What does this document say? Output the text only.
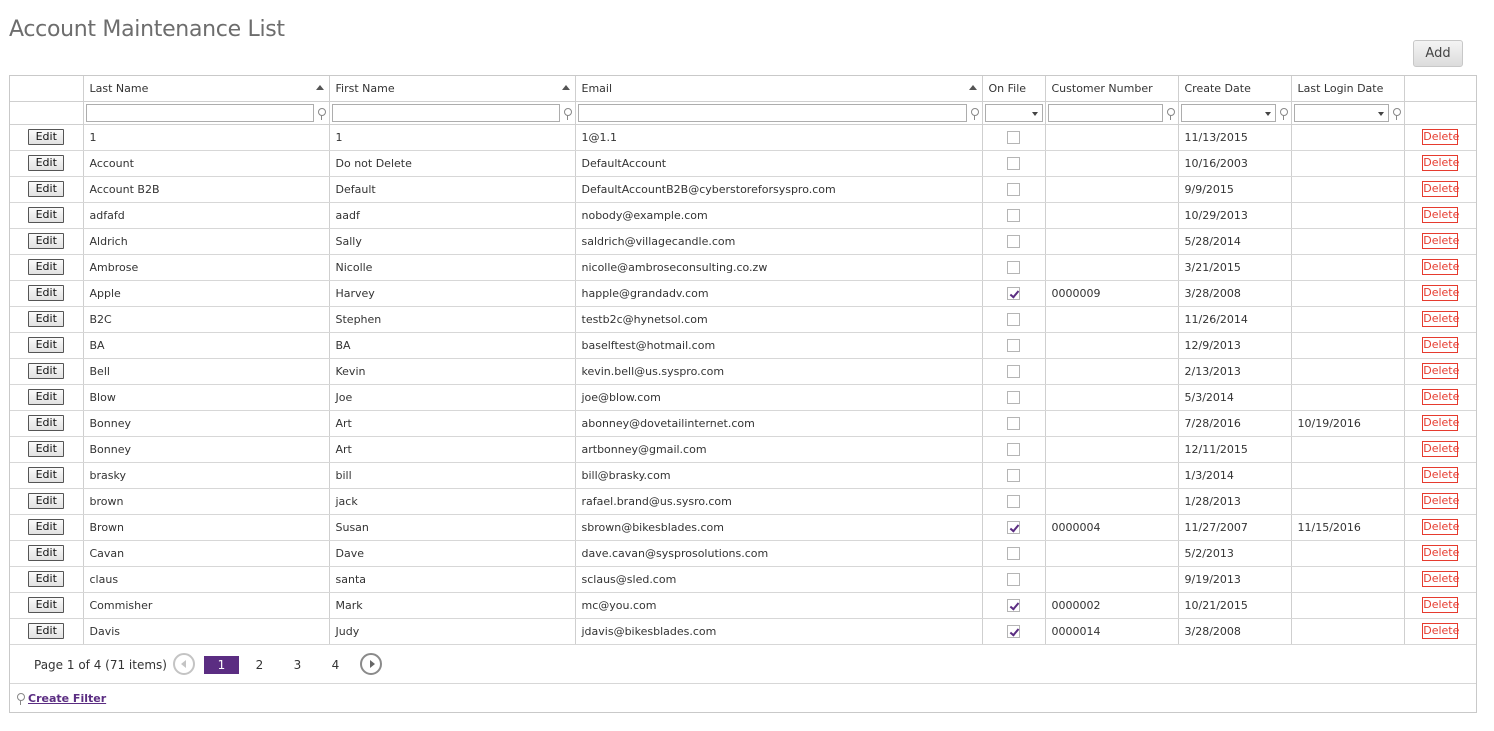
Account Maintenance List
Add

	Last Name	First Name	Email	On File	Customer Number	Create Date	Last Login Date	

Edit	1	1	1@1.1			11/13/2015		Delete

Edit	Account	Do not Delete	DefaultAccount			10/16/2003		Delete

Edit	Account B2B	Default	DefaultAccountB2B@cyberstoreforsyspro.com			9/9/2015		Delete

Edit	adfafd	aadf	nobody@example.com			10/29/2013		Delete

Edit	Aldrich	Sally	saldrich@villagecandle.com			5/28/2014		Delete

Edit	Ambrose	Nicolle	nicolle@ambroseconsulting.co.zw			3/21/2015		Delete

Edit	Apple	Harvey	happle@grandadv.com		0000009	3/28/2008		Delete

Edit	B2C	Stephen	testb2c@hynetsol.com			11/26/2014		Delete

Edit	BA	BA	baselftest@hotmail.com			12/9/2013		Delete

Edit	Bell	Kevin	kevin.bell@us.syspro.com			2/13/2013		Delete

Edit	Blow	Joe	joe@blow.com			5/3/2014		Delete

Edit	Bonney	Art	abonney@dovetailinternet.com			7/28/2016	10/19/2016	Delete

Edit	Bonney	Art	artbonney@gmail.com			12/11/2015		Delete

Edit	brasky	bill	bill@brasky.com			1/3/2014		Delete

Edit	brown	jack	rafael.brand@us.sysro.com			1/28/2013		Delete

Edit	Brown	Susan	sbrown@bikesblades.com		0000004	11/27/2007	11/15/2016	Delete

Edit	Cavan	Dave	dave.cavan@sysprosolutions.com			5/2/2013		Delete

Edit	claus	santa	sclaus@sled.com			9/19/2013		Delete

Edit	Commisher	Mark	mc@you.com		0000002	10/21/2015		Delete

Edit	Davis	Judy	jdavis@bikesblades.com		0000014	3/28/2008		Delete
Page 1 of 4 (71 items)	1	2	3	4
Create Filter
